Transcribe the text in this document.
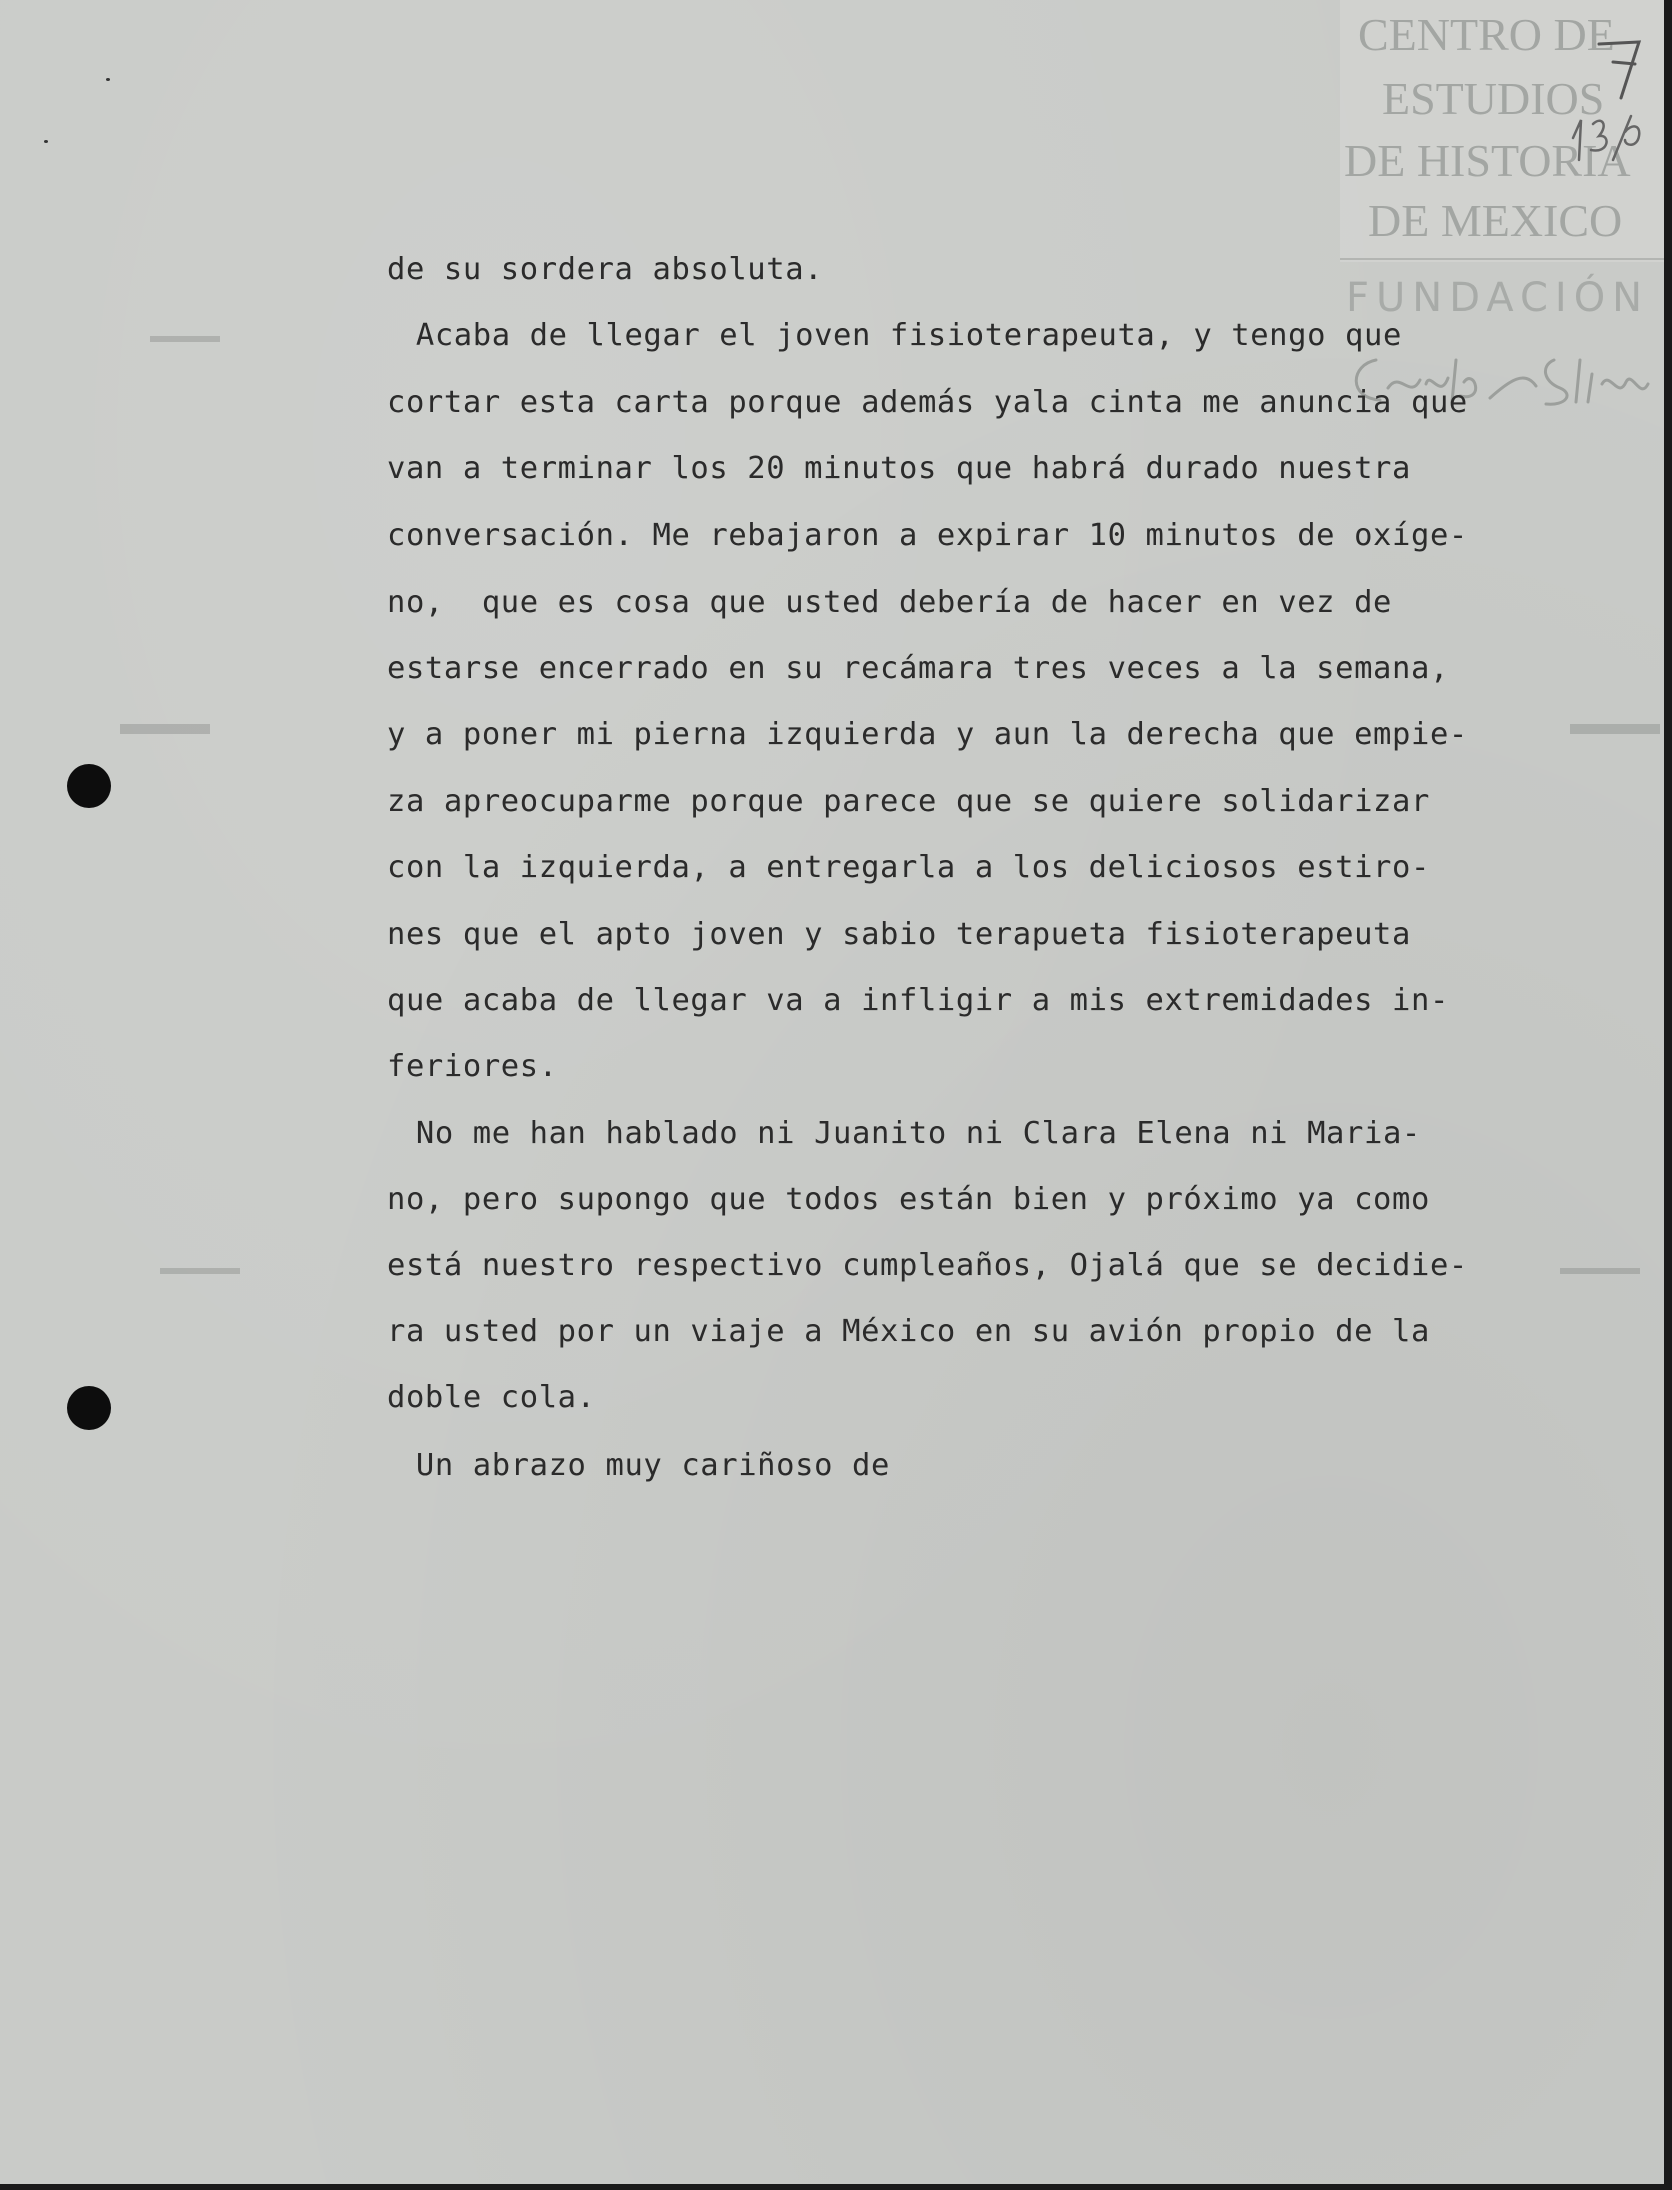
CENTRO DE
ESTUDIOS
DE HISTORIA
DE MEXICO
FUNDACIÓN
de su sordera absoluta.
Acaba de llegar el joven fisioterapeuta, y tengo que
cortar esta carta porque además yala cinta me anuncia que
van a terminar los 20 minutos que habrá durado nuestra
conversación. Me rebajaron a expirar 10 minutos de oxíge-
no,  que es cosa que usted debería de hacer en vez de
estarse encerrado en su recámara tres veces a la semana,
y a poner mi pierna izquierda y aun la derecha que empie-
za apreocuparme porque parece que se quiere solidarizar
con la izquierda, a entregarla a los deliciosos estiro-
nes que el apto joven y sabio terapueta fisioterapeuta
que acaba de llegar va a infligir a mis extremidades in-
feriores.
No me han hablado ni Juanito ni Clara Elena ni Maria-
no, pero supongo que todos están bien y próximo ya como
está nuestro respectivo cumpleaños, Ojalá que se decidie-
ra usted por un viaje a México en su avión propio de la
doble cola.
Un abrazo muy cariñoso de
